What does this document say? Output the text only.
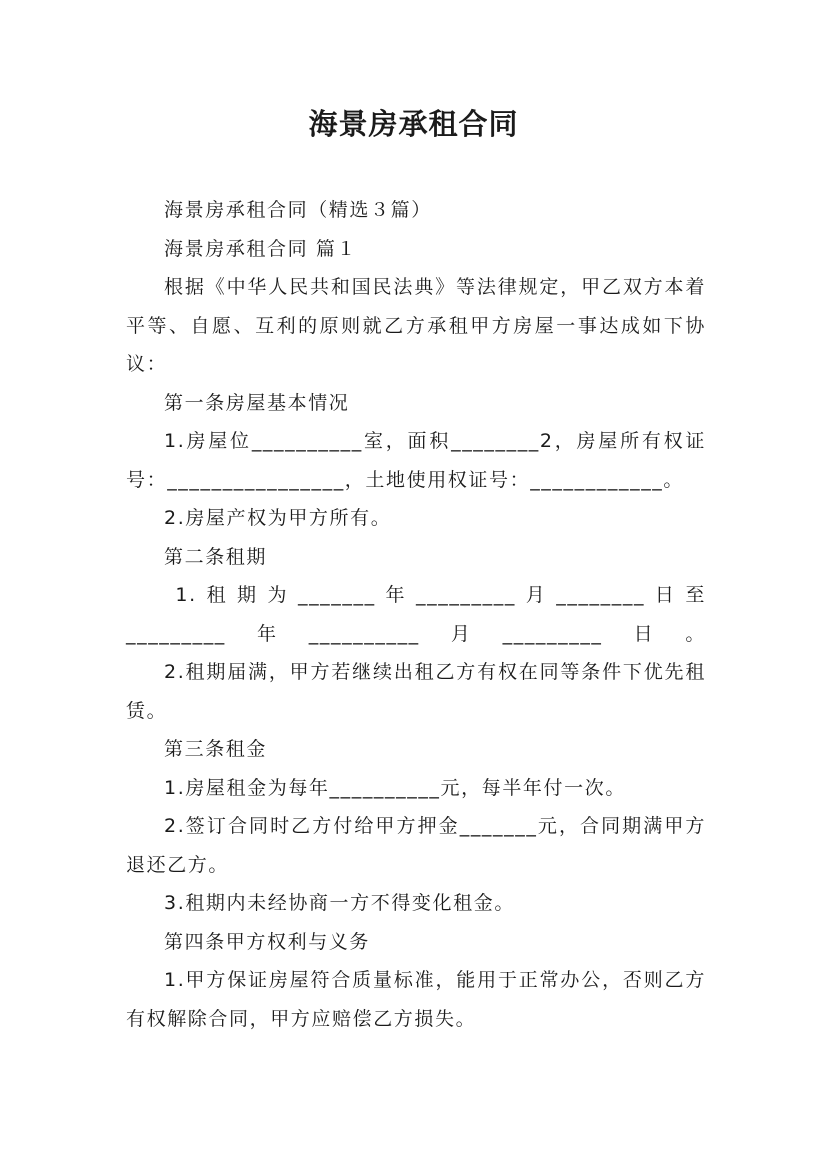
海景房承租合同

海景房承租合同（精选３篇）

海景房承租合同 篇１

根据《中华人民共和国民法典》等法律规定，甲乙双方本着平等、自愿、互利的原则就乙方承租甲方房屋一事达成如下协议：

第一条房屋基本情况

1.房屋位__________室，面积________2，房屋所有权证号：________________，土地使用权证号：____________。

2.房屋产权为甲方所有。

第二条租期

1.租期为_______年_________月________日至_________年__________月_________日。

2.租期届满，甲方若继续出租乙方有权在同等条件下优先租赁。

第三条租金

1.房屋租金为每年__________元，每半年付一次。

2.签订合同时乙方付给甲方押金_______元，合同期满甲方退还乙方。

3.租期内未经协商一方不得变化租金。

第四条甲方权利与义务

1.甲方保证房屋符合质量标准，能用于正常办公，否则乙方有权解除合同，甲方应赔偿乙方损失。
